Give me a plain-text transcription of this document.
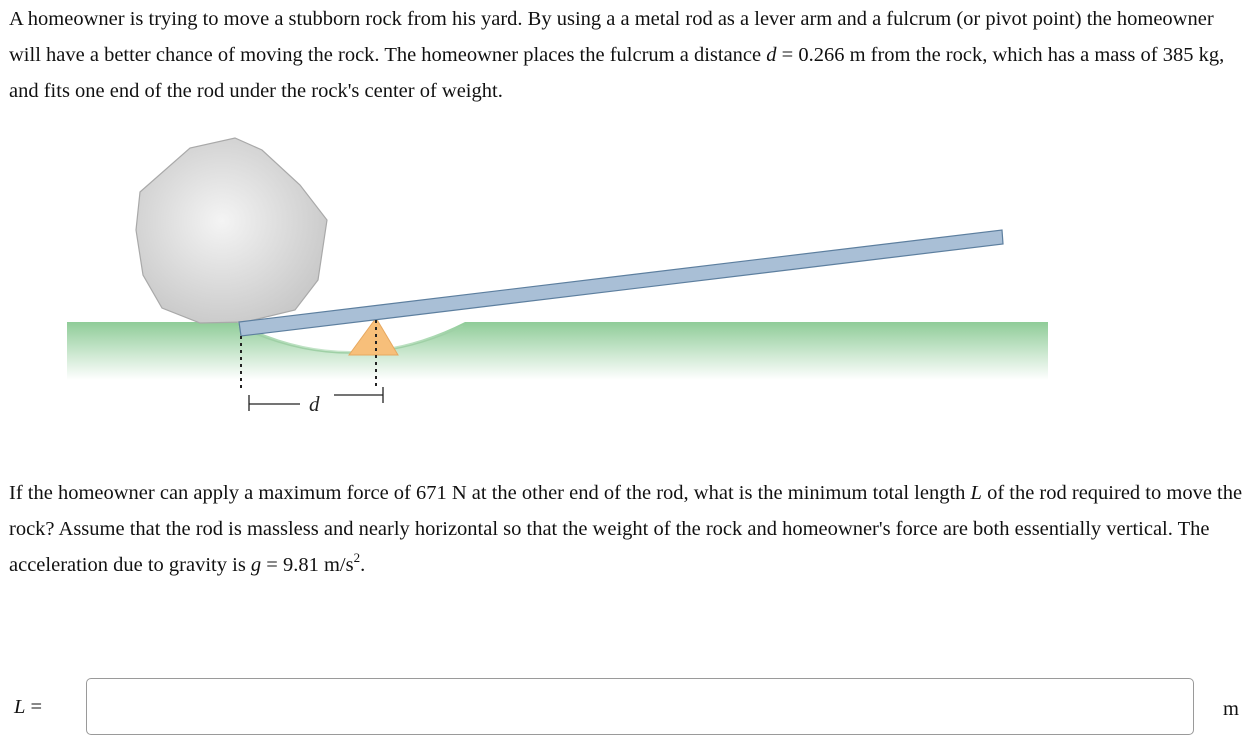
A homeowner is trying to move a stubborn rock from his yard. By using a a metal rod as a lever arm and a fulcrum (or pivot point) the homeowner will have a better chance of moving the rock. The homeowner places the fulcrum a distance d = 0.266 m from the rock, which has a mass of 385 kg, and fits one end of the rod under the rock's center of weight.

d

If the homeowner can apply a maximum force of 671 N at the other end of the rod, what is the minimum total length L of the rod required to move the rock? Assume that the rod is massless and nearly horizontal so that the weight of the rock and homeowner's force are both essentially vertical. The acceleration due to gravity is g = 9.81 $m/s^2$.

L =	m
